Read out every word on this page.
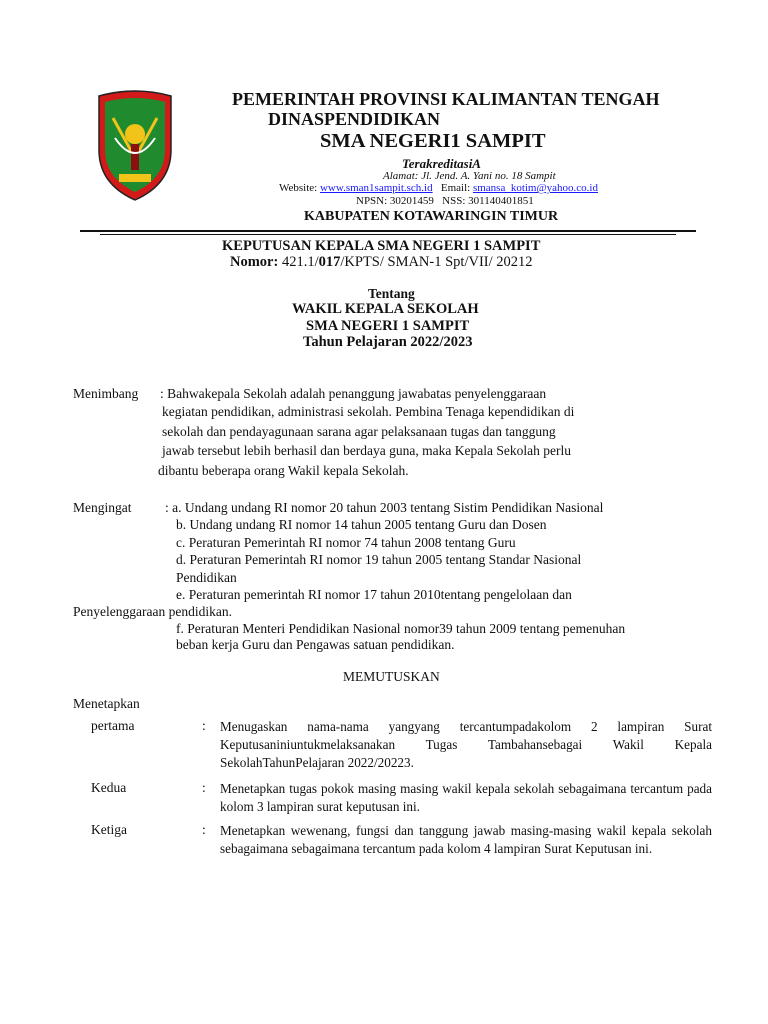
PEMERINTAH PROVINSI KALIMANTAN TENGAH
DINASPENDIDIKAN
SMA NEGERI1 SAMPIT
TerakreditasiA
Alamat: Jl. Jend. A. Yani no. 18 Sampit
Website: www.sman1sampit.sch.id Email: smansa_kotim@yahoo.co.id
NPSN: 30201459   NSS: 301140401851
KABUPATEN KOTAWARINGIN TIMUR
KEPUTUSAN KEPALA SMA NEGERI 1 SAMPIT
Nomor: 421.1/017/KPTS/ SMAN-1 Spt/VII/ 20212
Tentang
WAKIL KEPALA SEKOLAH
SMA NEGERI 1 SAMPIT
Tahun Pelajaran 2022/2023
Menimbang : Bahwakepala Sekolah adalah penanggung jawabatas penyelenggaraan
kegiatan pendidikan, administrasi sekolah. Pembina Tenaga kependidikan di
sekolah dan pendayagunaan sarana agar pelaksanaan tugas dan tanggung
jawab tersebut lebih berhasil dan berdaya guna, maka Kepala Sekolah perlu
dibantu beberapa orang Wakil kepala Sekolah.
Mengingat : a. Undang undang RI nomor 20 tahun 2003 tentang Sistim Pendidikan Nasional
b. Undang undang RI nomor 14 tahun 2005 tentang Guru dan Dosen
c. Peraturan Pemerintah RI nomor 74 tahun 2008 tentang Guru
d. Peraturan Pemerintah RI nomor 19 tahun 2005 tentang Standar Nasional
Pendidikan
e. Peraturan pemerintah RI nomor 17 tahun 2010tentang pengelolaan dan
Penyelenggaraan pendidikan.
f. Peraturan Menteri Pendidikan Nasional nomor39 tahun 2009 tentang pemenuhan
beban kerja Guru dan Pengawas satuan pendidikan.
MEMUTUSKAN
Menetapkan
pertama	: Menugaskan nama-nama yangyang tercantumpadakolom 2 lampiran Surat Keputusaniniuntukmelaksanakan Tugas Tambahansebagai Wakil Kepala SekolahTahunPelajaran 2022/20223.
Kedua	: Menetapkan tugas pokok masing masing wakil kepala sekolah sebagaimana tercantum pada kolom 3 lampiran surat keputusan ini.
Ketiga	: Menetapkan wewenang, fungsi dan tanggung jawab masing-masing wakil kepala sekolah sebagaimana sebagaimana tercantum pada kolom 4 lampiran Surat Keputusan ini.
